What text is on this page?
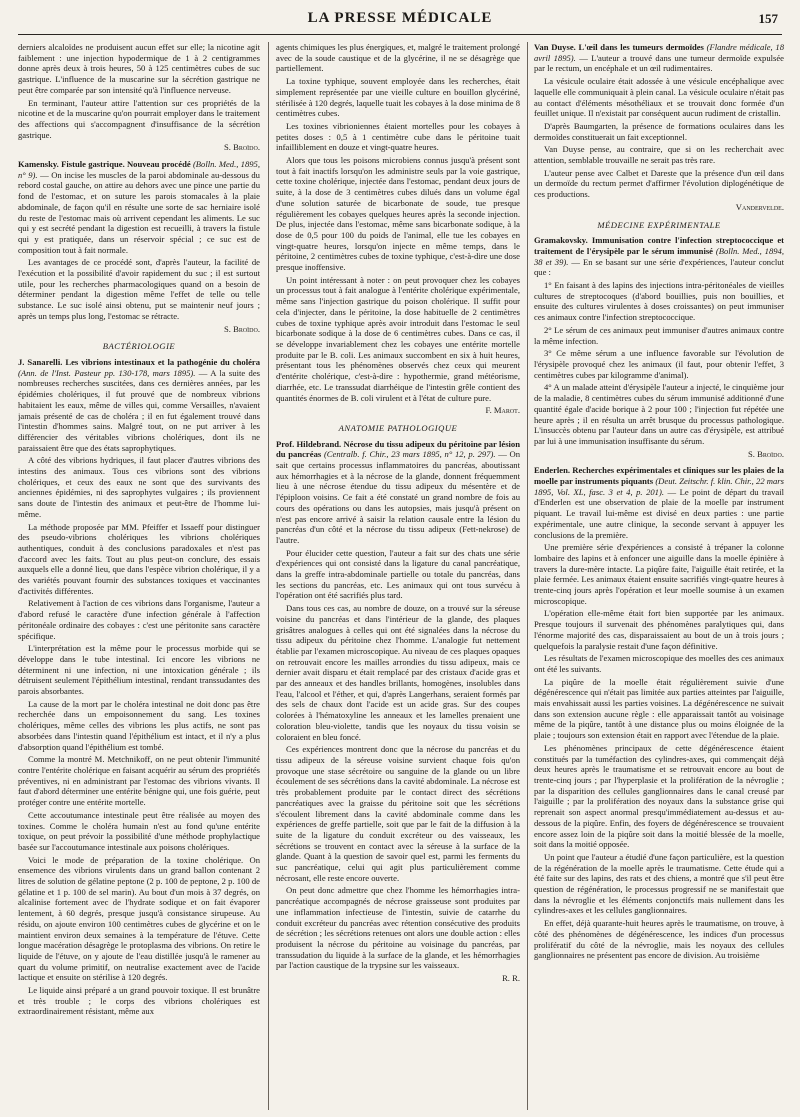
LA PRESSE MÉDICALE	157

derniers alcaloïdes ne produisent aucun effet sur elle; la nicotine agit faiblement : une injection hypodermique de 1 à 2 centigrammes donne après deux à trois heures, 50 à 125 centimètres cubes de suc gastrique. L'influence de la muscarine sur la sécrétion gastrique ne peut être comparée par son intensité qu'à l'influence nerveuse.

En terminant, l'auteur attire l'attention sur ces propriétés de la nicotine et de la muscarine qu'on pourrait employer dans le traitement des affections qui s'accompagnent d'insuffisance de la sécrétion gastrique.

S. Broïdo.

Kamensky. Fistule gastrique. Nouveau procédé (Bolln. Med., 1895, n° 9). — On incise les muscles de la paroi abdominale au-dessous du rebord costal gauche, on attire au dehors avec une pince une partie du fond de l'estomac, et on suture les parois stomacales à la plaie abdominale, de façon qu'il en résulte une sorte de sac herniaire isolé du reste de l'estomac mais où arrivent cependant les aliments. Le suc qui y est secrété pendant la digestion est recueilli, à travers la fistule qui y est pratiquée, dans un réservoir spécial ; ce suc est de composition tout à fait normale.

Les avantages de ce procédé sont, d'après l'auteur, la facilité de l'exécution et la possibilité d'avoir rapidement du suc ; il est surtout utile, pour les recherches pharmacologiques quand on a besoin de déterminer pendant la digestion même l'effet de telle ou telle substance. Le suc isolé ainsi obtenu, put se maintenir neuf jours ; après un temps plus long, l'estomac se rétracte.

S. Broïdo.
BACTÉRIOLOGIE

J. Sanarelli. Les vibrions intestinaux et la pathogénie du choléra (Ann. de l'Inst. Pasteur pp. 130-178, mars 1895). — A la suite des nombreuses recherches suscitées, dans ces dernières années, par les épidémies cholériques, il fut prouvé que de nombreux vibrions habitaient les eaux, même de villes qui, comme Versailles, n'avaient jamais présenté de cas de choléra ; il en fut également trouvé dans l'intestin d'hommes sains. Malgré tout, on ne put arriver à les différencier des véritables vibrions cholériques, dont ils ne paraissaient être que des états saprophytiques.

A côté des vibrions hydriques, il faut placer d'autres vibrions des intestins des animaux. Tous ces vibrions sont des vibrions cholériques, et ceux des eaux ne sont que des survivants des anciennes épidémies, ni des saprophytes vulgaires ; ils proviennent sans doute de l'intestin des animaux et peut-être de l'homme lui-même.

La méthode proposée par MM. Pfeiffer et Issaeff pour distinguer des pseudo-vibrions cholériques les vibrions cholériques authentiques, conduit à des conclusions paradoxales et n'est pas d'accord avec les faits. Tout au plus peut-on conclure, des essais auxquels elle a donné lieu, que dans l'espèce vibrion cholérique, il y a des variétés pouvant fournir des substances toxiques et vaccinantes d'activités différentes.

Relativement à l'action de ces vibrions dans l'organisme, l'auteur a d'abord refusé le caractère d'une infection générale à l'affection péritonéale ordinaire des cobayes : c'est une péritonite sans caractère spécifique.

L'interprétation est la même pour le processus morbide qui se développe dans le tube intestinal. Ici encore les vibrions ne déterminent ni une infection, ni une intoxication générale ; ils détruisent seulement l'épithélium intestinal, rendant transsudantes des parois absorbantes.

La cause de la mort par le choléra intestinal ne doit donc pas être recherchée dans un empoisonnement du sang. Les toxines cholériques, même celles des vibrions les plus actifs, ne sont pas absorbées dans l'intestin quand l'épithélium est intact, et il n'y a plus d'absorption quand l'épithélium est tombé.

Comme la montré M. Metchnikoff, on ne peut obtenir l'immunité contre l'entérite cholérique en faisant acquérir au sérum des propriétés préventives, ni en administrant par l'estomac des vibrions vivants. Il faut d'abord déterminer une entérite bénigne qui, une fois guérie, peut protéger contre une entérite mortelle.

Cette accoutumance intestinale peut être réalisée au moyen des toxines. Comme le choléra humain n'est au fond qu'une entérite toxique, on peut prévoir la possibilité d'une méthode prophylactique basée sur l'accoutumance intestinale aux poisons cholériques.

Voici le mode de préparation de la toxine cholérique. On ensemence des vibrions virulents dans un grand ballon contenant 2 litres de solution de gélatine peptone (2 p. 100 de peptone, 2 p. 100 de gélatine et 1 p. 100 de sel marin). Au bout d'un mois à 37 degrés, on alcalinise fortement avec de l'hydrate sodique et on fait évaporer lentement, à 60 degrés, presque jusqu'à consistance sirupeuse. Au résidu, on ajoute environ 100 centimètres cubes de glycérine et on le maintient environ deux semaines à la température de l'étuve. Cette longue macération désagrège le protoplasma des vibrions. On retire le liquide de l'étuve, on y ajoute de l'eau distillée jusqu'à le ramener au quart du volume primitif, on neutralise exactement avec de l'acide lactique et ensuite on stérilise à 120 degrés.

Le liquide ainsi préparé a un grand pouvoir toxique. Il est brunâtre et très trouble ; le corps des vibrions cholériques est extraordinairement résistant, même aux

agents chimiques les plus énergiques, et, malgré le traitement prolongé avec de la soude caustique et de la glycérine, il ne se désagrège que partiellement.

La toxine typhique, souvent employée dans les recherches, était simplement représentée par une vieille culture en bouillon glycériné, stérilisée à 120 degrés, laquelle tuait les cobayes à la dose minima de 8 centimètres cubes.

Les toxines vibrioniennes étaient mortelles pour les cobayes à petites doses : 0,5 à 1 centimètre cube dans le péritoine tuait infailliblement en douze et vingt-quatre heures.

Alors que tous les poisons microbiens connus jusqu'à présent sont tout à fait inactifs lorsqu'on les administre seuls par la voie gastrique, cette toxine cholérique, injectée dans l'estomac, pendant deux jours de suite, à la dose de 3 centimètres cubes dilués dans un volume égal d'une solution saturée de bicarbonate de soude, tue presque régulièrement les cobayes quelques heures après la seconde injection. De plus, injectée dans l'estomac, même sans bicarbonate sodique, à la dose de 0,5 pour 100 du poids de l'animal, elle tue les cobayes en vingt-quatre heures, lorsqu'on injecte en même temps, dans le péritoine, 2 centimètres cubes de toxine typhique, c'est-à-dire une dose presque inoffensive.

Un point intéressant à noter : on peut provoquer chez les cobayes un processus tout à fait analogue à l'entérite cholérique expérimentale, même sans l'injection gastrique du poison cholérique. Il suffit pour cela d'injecter, dans le péritoine, la dose habituelle de 2 centimètres cubes de toxine typhique après avoir introduit dans l'estomac le seul bicarbonate sodique à la dose de 6 centimètres cubes. Dans ce cas, il se développe invariablement chez les cobayes une entérite mortelle produite par le B. coli. Les animaux succombent en six à huit heures, présentant tous les phénomènes observés chez ceux qui meurent d'entérite cholérique, c'est-à-dire : hypothermie, grand météorisme, diarrhée, etc. Le transsudat diarrhéique de l'intestin grêle contient des quantités énormes de B. coli virulent et à l'état de culture pure.

F. Marot.
ANATOMIE PATHOLOGIQUE

Prof. Hildebrand. Nécrose du tissu adipeux du péritoine par lésion du pancréas (Centralb. f. Chir., 23 mars 1895, n° 12, p. 297). — On sait que certains processus inflammatoires du pancréas, aboutissant aux hémorrhagies et à la nécrose de la glande, donnent fréquemment lieu à une nécrose étendue du tissu adipeux du mésentère et de l'épiploon voisins. Ce fait a été constaté un grand nombre de fois au cours des opérations ou dans les autopsies, mais jusqu'à présent on n'est pas encore arrivé à saisir la relation causale entre la lésion du pancréas d'un côté et la nécrose du tissu adipeux (Fett-nekrose) de l'autre.

Pour élucider cette question, l'auteur a fait sur des chats une série d'expériences qui ont consisté dans la ligature du canal pancréatique, dans la greffe intra-abdominale partielle ou totale du pancréas, dans les sections du pancréas, etc. Les animaux qui ont tous survécu à l'opération ont été sacrifiés plus tard.

Dans tous ces cas, au nombre de douze, on a trouvé sur la séreuse voisine du pancréas et dans l'intérieur de la glande, des plaques grisâtres analogues à celles qui ont été signalées dans la nécrose du tissu adipeux du péritoine chez l'homme. L'analogie fut nettement établie par l'examen microscopique. Au niveau de ces plaques opaques on retrouvait encore les mailles arrondies du tissu adipeux, mais ce dernier avait disparu et était remplacé par des cristaux d'acide gras et par des anneaux et des handles brillants, homogènes, insolubles dans l'eau, l'alcool et l'éther, et qui, d'après Langerhans, seraient formés par des sels de chaux dont l'acide est un acide gras. Sur des coupes colorées à l'hématoxyline les anneaux et les lamelles prenaient une coloration bleu-violette, tandis que les noyaux du tissu voisin se coloraient en bleu foncé.

Ces expériences montrent donc que la nécrose du pancréas et du tissu adipeux de la séreuse voisine survient chaque fois qu'on provoque une stase sécrétoire ou sanguine de la glande ou un libre écoulement de ses sécrétions dans la cavité abdominale. La nécrose est très probablement produite par le contact direct des sécrétions pancréatiques avec la graisse du péritoine soit que les sécrétions s'écoulent librement dans la cavité abdominale comme dans les expériences de greffe partielle, soit que par le fait de la diffusion à la suite de la ligature du conduit excréteur ou des vaisseaux, les sécrétions se trouvent en contact avec la séreuse à la surface de la glande. Quant à la question de savoir quel est, parmi les ferments du suc pancréatique, celui qui agit plus particulièrement comme nécrosant, elle reste encore ouverte.

On peut donc admettre que chez l'homme les hémorrhagies intra-pancréatique accompagnés de nécrose graisseuse sont produites par une inflammation infectieuse de l'intestin, suivie de catarrhe du conduit excréteur du pancréas avec rétention consécutive des produits de sécrétion ; les sécrétions retenues ont alors une double action : elles produisent la nécrose du péritoine au voisinage du pancréas, par transsudation du liquide à la surface de la glande, et les hémorrhagies par l'action caustique de la trypsine sur les vaisseaux.

R. R.

Van Duyse. L'œil dans les tumeurs dermoïdes (Flandre médicale, 18 avril 1895). — L'auteur a trouvé dans une tumeur dermoïde expulsée par le rectum, un encéphale et un œil rudimentaires.

La vésicule oculaire était adossée à une vésicule encéphalique avec laquelle elle communiquait à plein canal. La vésicule oculaire n'était pas au contact d'éléments mésothéliaux et se trouvait donc formée d'un feuillet unique. Il n'existait par conséquent aucun rudiment de cristallin.

D'après Baumgarten, la présence de formations oculaires dans les dermoïdes constituerait un fait exceptionnel.

Van Duyse pense, au contraire, que si on les recherchait avec attention, semblable trouvaille ne serait pas très rare.

L'auteur pense avec Calbet et Dareste que la présence d'un œil dans un dermoïde du rectum permet d'affirmer l'évolution diplogénétique de ces productions.

Vandervelde.
MÉDECINE EXPÉRIMENTALE

Gramakovsky. Immunisation contre l'infection streptococcique et traitement de l'érysipèle par le sérum immunisé (Bolln. Med., 1894, 38 et 39). — En se basant sur une série d'expériences, l'auteur conclut que :

1° En faisant à des lapins des injections intra-péritonéales de vieilles cultures de streptocoques (d'abord bouillies, puis non bouillies, et ensuite des cultures virulentes à doses croissantes) on peut immuniser ces animaux contre l'infection streptococcique.

2° Le sérum de ces animaux peut immuniser d'autres animaux contre la même infection.

3° Ce même sérum a une influence favorable sur l'évolution de l'érysipèle provoqué chez les animaux (il faut, pour obtenir l'effet, 3 centimètres cubes par kilogramme d'animal).

4° A un malade atteint d'érysipèle l'auteur a injecté, le cinquième jour de la maladie, 8 centimètres cubes du sérum immunisé additionné d'une quantité égale d'acide borique à 2 pour 100 ; l'injection fut répétée une heure après ; il en résulta un arrêt brusque du processus pathologique. L'insuccès obtenu par l'auteur dans un autre cas d'érysipèle, est attribué par lui à une immunisation insuffisante du sérum.

S. Broïdo.

Enderlen. Recherches expérimentales et cliniques sur les plaies de la moelle par instruments piquants (Deut. Zeitschr. f. klin. Chir., 22 mars 1895, Vol. XL, fasc. 3 et 4, p. 201). — Le point de départ du travail d'Enderlen est une observation de plaie de la moelle par instrument piquant. Le travail lui-même est divisé en deux parties : une partie expérimentale, une autre clinique, la seconde servant à appuyer les conclusions de la première.

Une première série d'expériences a consisté à trépaner la colonne lombaire des lapins et à enfoncer une aiguille dans la moelle épinière à travers la dure-mère intacte. La piqûre faite, l'aiguille était retirée, et la plaie fermée. Les animaux étaient ensuite sacrifiés vingt-quatre heures à trente-cinq jours après l'opération et leur moelle soumise à un examen microscopique.

L'opération elle-même était fort bien supportée par les animaux. Presque toujours il survenait des phénomènes paralytiques qui, dans l'énorme majorité des cas, disparaissaient au bout de un à trois jours ; quelquefois la paralysie restait d'une façon définitive.

Les résultats de l'examen microscopique des moelles des ces animaux ont été les suivants.

La piqûre de la moelle était régulièrement suivie d'une dégénérescence qui n'était pas limitée aux parties atteintes par l'aiguille, mais envahissait aussi les parties voisines. La dégénérescence ne suivait dans son extension aucune règle : elle apparaissait tantôt au voisinage même de la piqûre, tantôt à une distance plus ou moins éloignée de la plaie ; toujours son extension était en rapport avec l'étendue de la plaie.

Les phénomènes principaux de cette dégénérescence étaient constitués par la tuméfaction des cylindres-axes, qui commençait déjà deux heures après le traumatisme et se retrouvait encore au bout de trente-cinq jours ; par l'hyperplasie et la prolifération de la névroglie ; par la disparition des cellules ganglionnaires dans le canal creusé par l'aiguille ; par la prolifération des noyaux dans la substance grise qui reprenait son aspect anormal presqu'immédiatement au-dessus et au-dessous de la piqûre. Enfin, des foyers de dégénérescence se trouvaient encore assez loin de la piqûre soit dans la moitié blessée de la moelle, soit dans la moitié opposée.

Un point que l'auteur a étudié d'une façon particulière, est la question de la régénération de la moelle après le traumatisme. Cette étude qui a été faite sur des lapins, des rats et des chiens, a montré que s'il peut être question de régénération, le processus progressif ne se manifestait que dans la névroglie et les éléments conjonctifs mais nullement dans les cylindres-axes et les cellules ganglionnaires.

En effet, déjà quarante-huit heures après le traumatisme, on trouve, à côté des phénomènes de dégénérescence, les indices d'un processus prolifératif du côté de la névroglie, mais les noyaux des cellules ganglionnaires ne présentent pas encore de division. Au troisième
